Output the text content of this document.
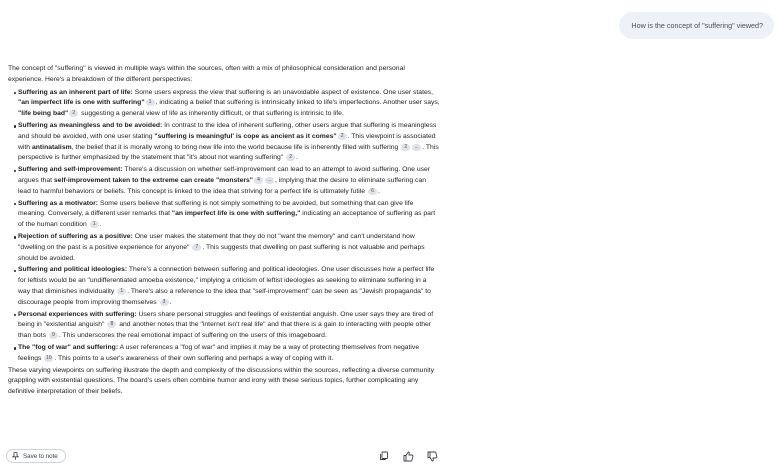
How is the concept of "suffering" viewed?

The concept of "suffering" is viewed in multiple ways within the sources, often with a mix of philosophical consideration and personal experience. Here's a breakdown of the different perspectives:

Suffering as an inherent part of life: Some users express the view that suffering is an unavoidable aspect of existence. One user states, "an imperfect life is one with suffering" 1 , indicating a belief that suffering is intrinsically linked to life's imperfections. Another user says, "life being bad" 2 suggesting a general view of life as inherently difficult, or that suffering is intrinsic to life.
Suffering as meaningless and to be avoided: In contrast to the idea of inherent suffering, other users argue that suffering is meaningless and should be avoided, with one user stating "suffering is meaningful' is cope as ancient as it comes" 2 . This viewpoint is associated with antinatalism, the belief that it is morally wrong to bring new life into the world because life is inherently filled with suffering 2 ... . This perspective is further emphasized by the statement that "it's about not wanting suffering" 2 .
Suffering and self-improvement: There's a discussion on whether self-improvement can lead to an attempt to avoid suffering. One user argues that self-improvement taken to the extreme can create "monsters" 4 ... , implying that the desire to eliminate suffering can lead to harmful behaviors or beliefs. This concept is linked to the idea that striving for a perfect life is ultimately futile 6 .
Suffering as a motivator: Some users believe that suffering is not simply something to be avoided, but something that can give life meaning. Conversely, a different user remarks that "an imperfect life is one with suffering," indicating an acceptance of suffering as part of the human condition 1 .
Rejection of suffering as a positive: One user makes the statement that they do not "want the memory" and can't understand how "dwelling on the past is a positive experience for anyone" 7 . This suggests that dwelling on past suffering is not valuable and perhaps should be avoided.
Suffering and political ideologies: There's a connection between suffering and political ideologies. One user discusses how a perfect life for leftists would be an "undifferentiated amoeba existence," implying a criticism of leftist ideologies as seeking to eliminate suffering in a way that diminishes individuality 1 . There's also a reference to the idea that "self-improvement" can be seen as "Jewish propaganda" to discourage people from improving themselves 3 .
Personal experiences with suffering: Users share personal struggles and feelings of existential anguish. One user says they are tired of being in "existential anguish" 8 and another notes that the "internet isn't real life" and that there is a gain to interacting with people other than bots 9 . This underscores the real emotional impact of suffering on the users of this imageboard.
The "fog of war" and suffering: A user references a "fog of war" and implies it may be a way of protecting themselves from negative feelings 10 . This points to a user's awareness of their own suffering and perhaps a way of coping with it.

These varying viewpoints on suffering illustrate the depth and complexity of the discussions within the sources, reflecting a diverse community grappling with existential questions. The board's users often combine humor and irony with these serious topics, further complicating any definitive interpretation of their beliefs.

Save to note
